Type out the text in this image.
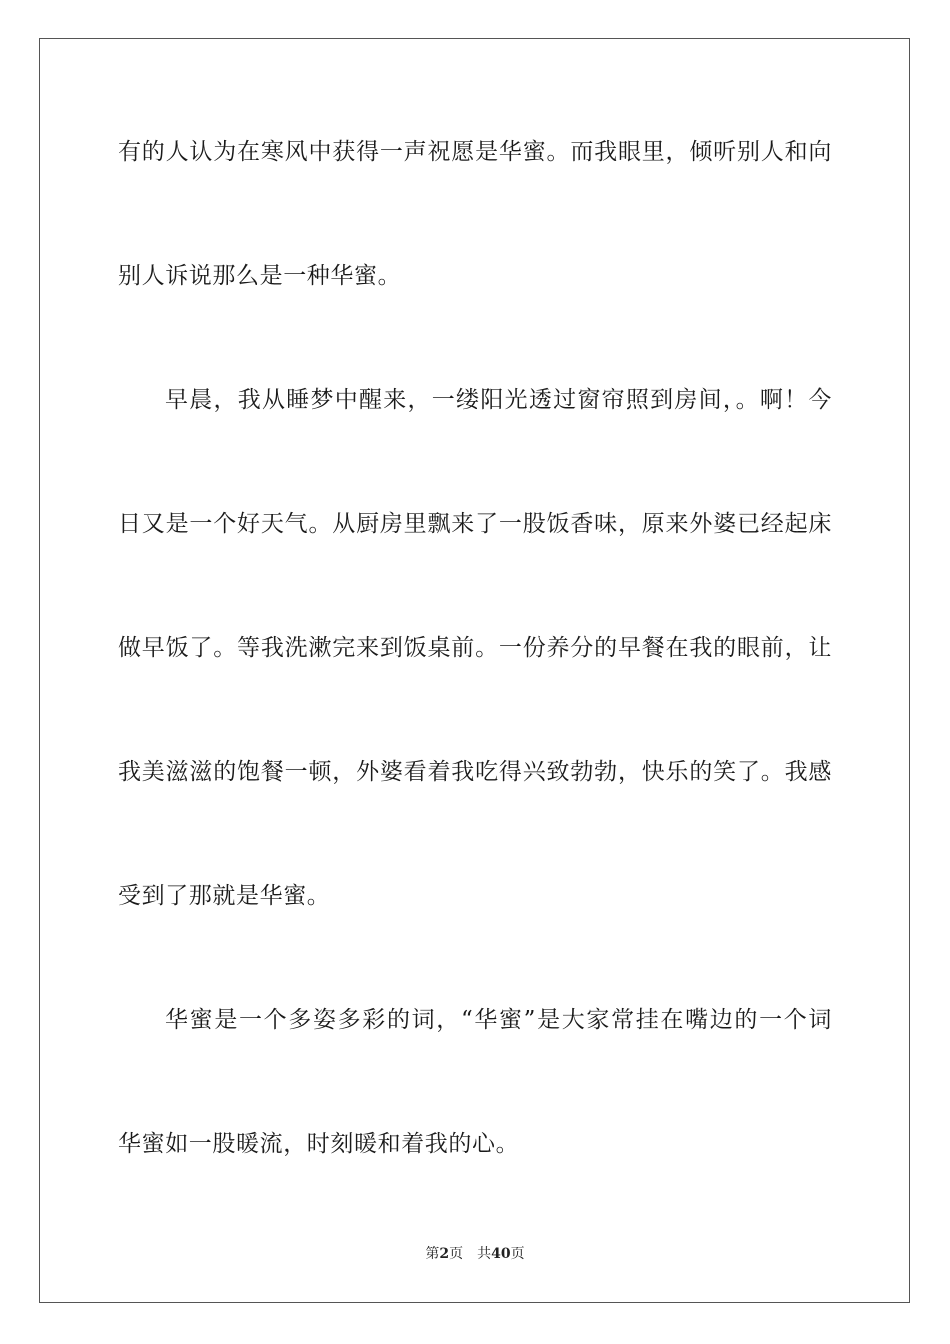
有的人认为在寒风中获得一声祝愿是华蜜。而我眼里，倾听别人和向
别人诉说那么是一种华蜜。
早晨，我从睡梦中醒来，一缕阳光透过窗帘照到房间，。啊！今
日又是一个好天气。从厨房里飘来了一股饭香味，原来外婆已经起床
做早饭了。等我洗漱完来到饭桌前。一份养分的早餐在我的眼前，让
我美滋滋的饱餐一顿，外婆看着我吃得兴致勃勃，快乐的笑了。我感
受到了那就是华蜜。
华蜜是一个多姿多彩的词，“华蜜”是大家常挂在嘴边的一个词
华蜜如一股暖流，时刻暖和着我的心。
第2页 共40页
